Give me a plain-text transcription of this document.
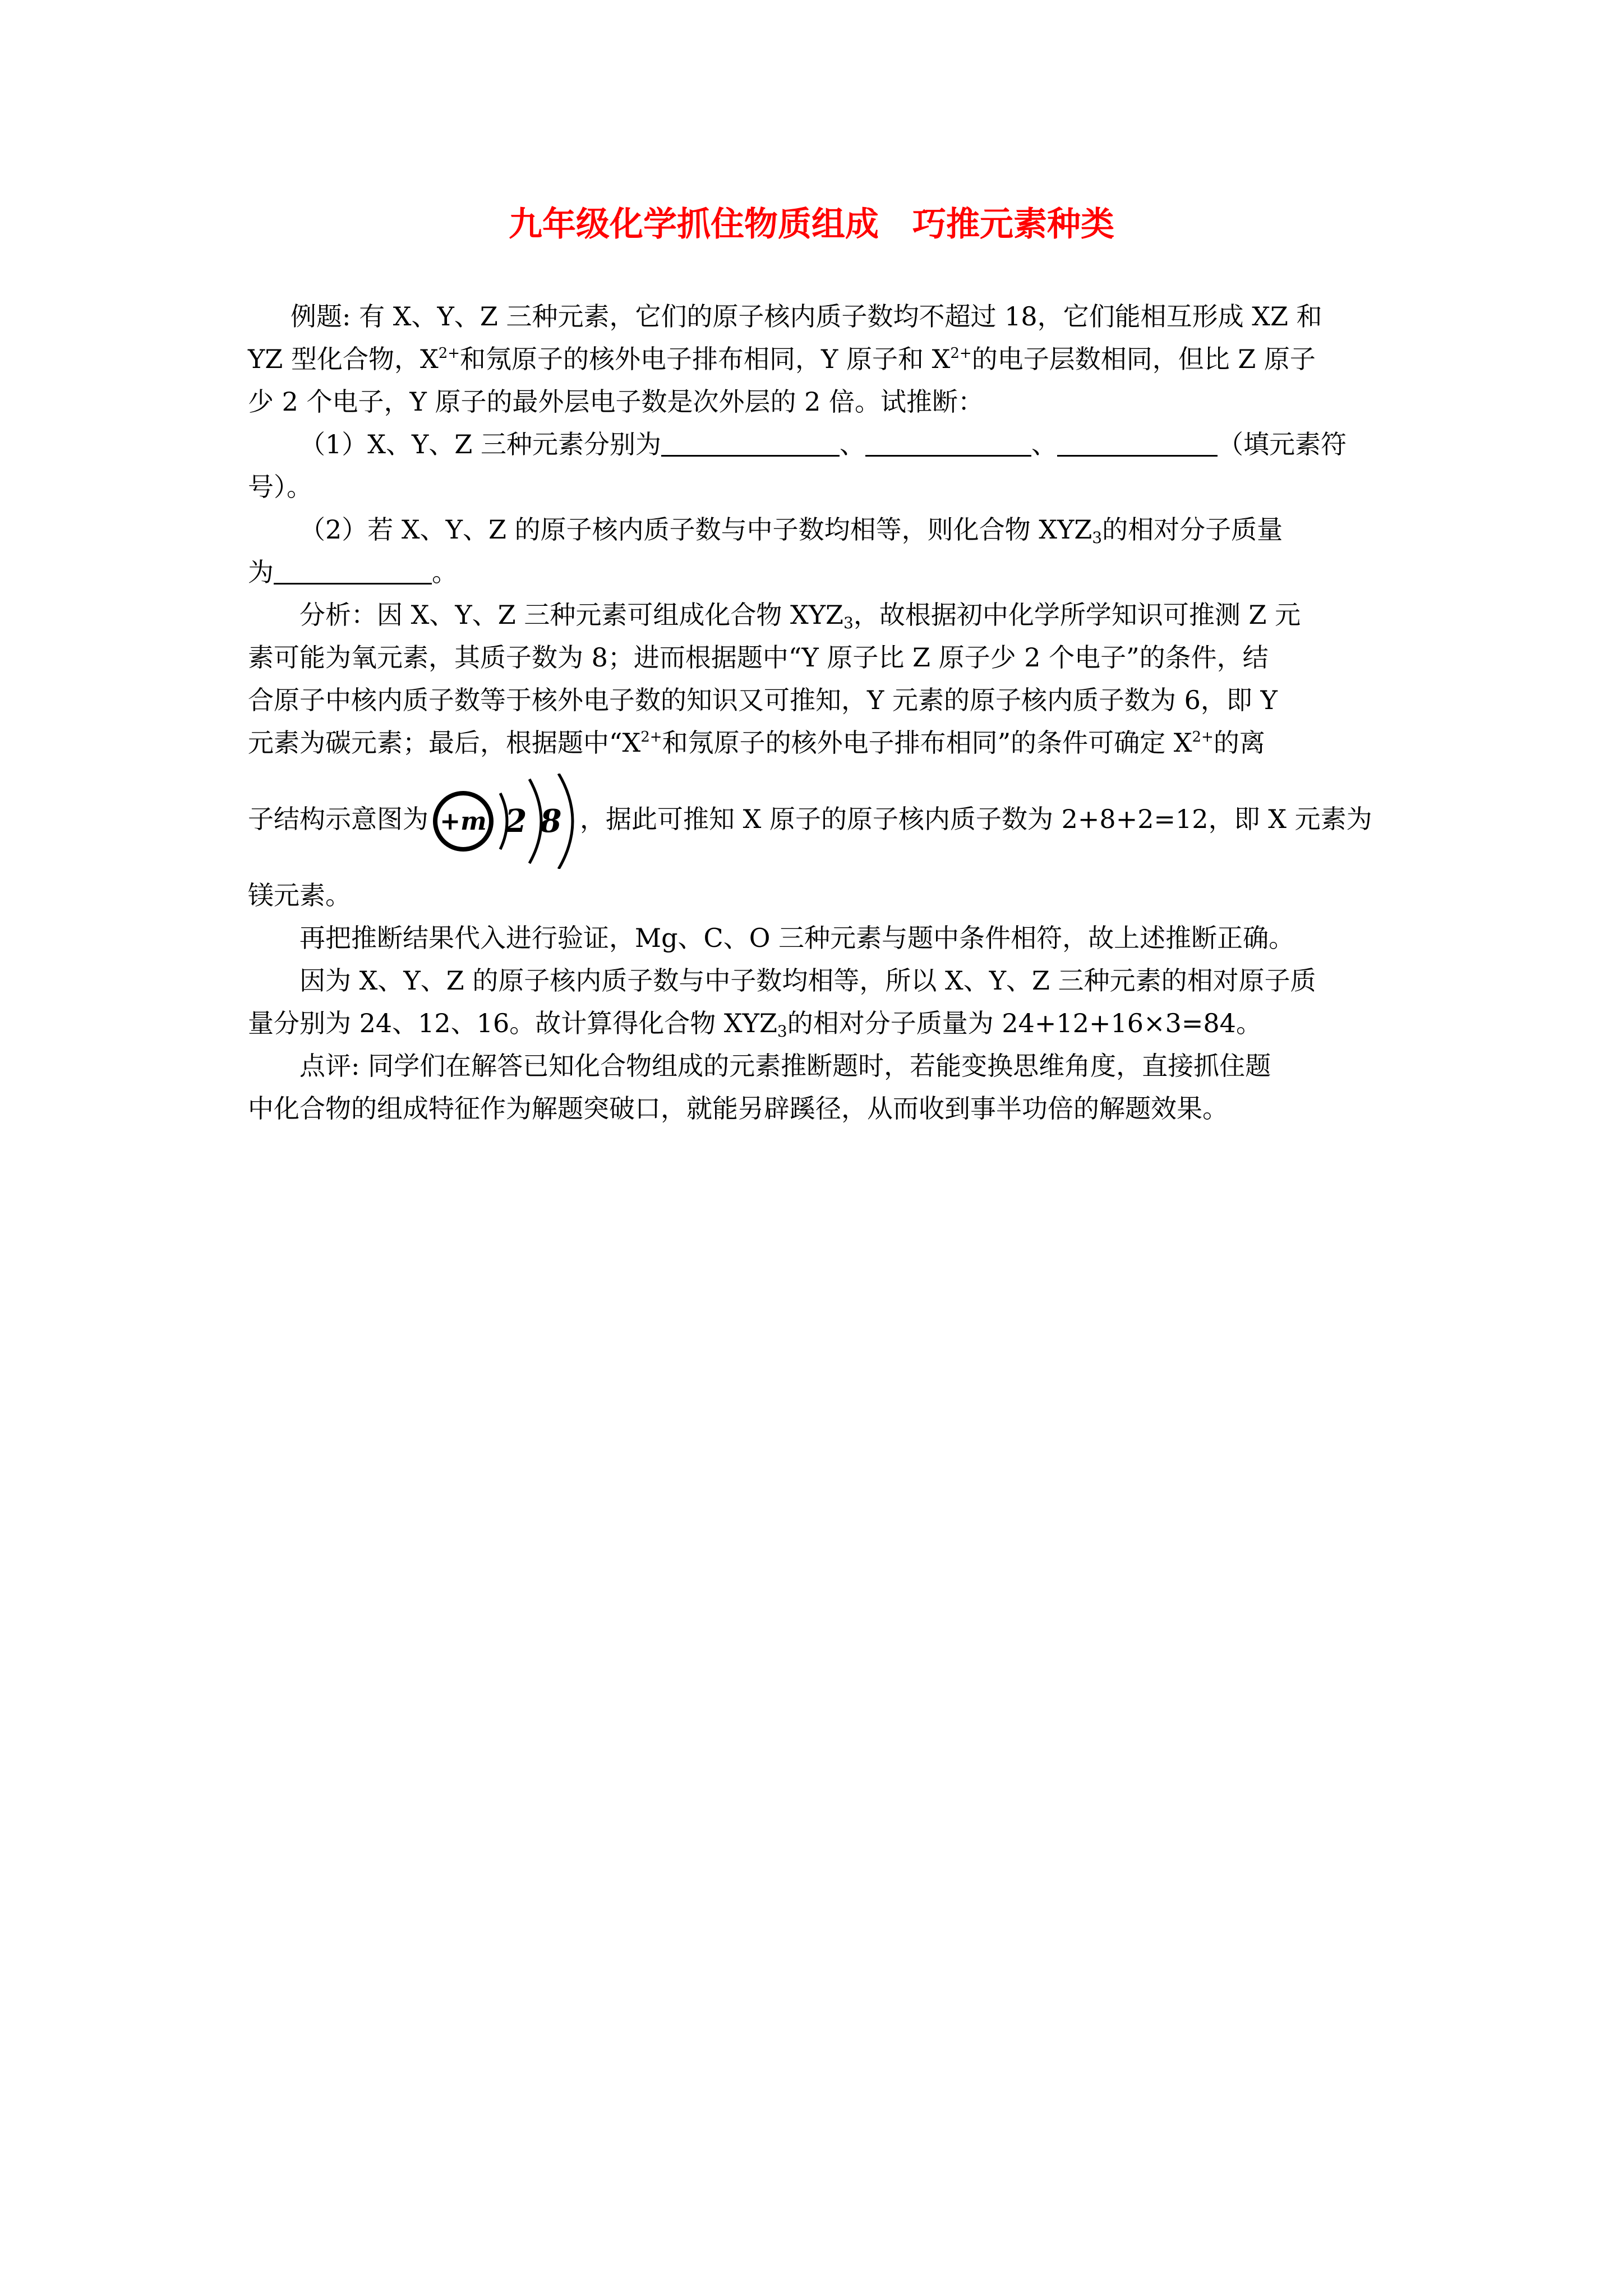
九年级化学抓住物质组成　巧推元素种类
例题: 有 X、Y、Z 三种元素，它们的原子核内质子数均不超过 18，它们能相互形成 XZ 和
YZ 型化合物，$X^{2+}$和氖原子的核外电子排布相同，Y 原子和 $X^{2+}$的电子层数相同，但比 Z 原子
少 2 个电子，Y 原子的最外层电子数是次外层的 2 倍。试推断：
（1）X、Y、Z 三种元素分别为	、	、	（填元素符
号）。
（2）若 X、Y、Z 的原子核内质子数与中子数均相等，则化合物 $XYZ_3$的相对分子质量
为	。
分析：因 X、Y、Z 三种元素可组成化合物 $XYZ_3$，故根据初中化学所学知识可推测 Z 元
素可能为氧元素，其质子数为 8；进而根据题中“Y 原子比 Z 原子少 2 个电子”的条件，结
合原子中核内质子数等于核外电子数的知识又可推知，Y 元素的原子核内质子数为 6，即 Y
元素为碳元素；最后，根据题中“$X^{2+}$和氖原子的核外电子排布相同”的条件可确定 $X^{2+}$的离
子结构示意图为 +m 2 8 ，据此可推知 X 原子的原子核内质子数为 2+8+2=12，即 X 元素为
镁元素。
再把推断结果代入进行验证，Mg、C、O 三种元素与题中条件相符，故上述推断正确。
因为 X、Y、Z 的原子核内质子数与中子数均相等，所以 X、Y、Z 三种元素的相对原子质
量分别为 24、12、16。故计算得化合物 $XYZ_3$的相对分子质量为 24+12+16×3=84。
点评: 同学们在解答已知化合物组成的元素推断题时，若能变换思维角度，直接抓住题
中化合物的组成特征作为解题突破口，就能另辟蹊径，从而收到事半功倍的解题效果。
